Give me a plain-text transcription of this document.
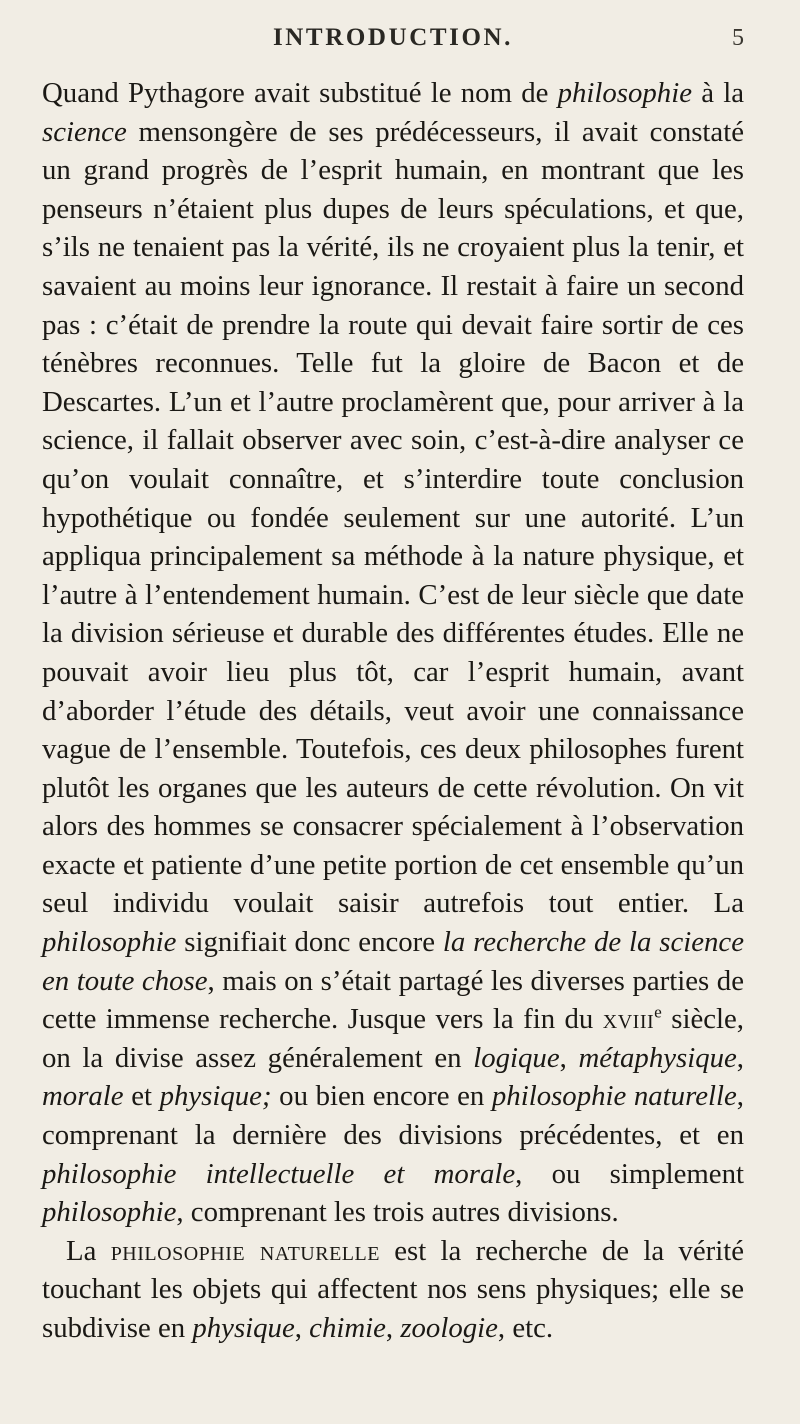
INTRODUCTION.	5

Quand Pythagore avait substitué le nom de philosophie à la science mensongère de ses prédécesseurs, il avait constaté un grand progrès de l’esprit humain, en montrant que les penseurs n’étaient plus dupes de leurs spéculations, et que, s’ils ne tenaient pas la vérité, ils ne croyaient plus la tenir, et savaient au moins leur ignorance. Il restait à faire un second pas : c’était de prendre la route qui devait faire sortir de ces ténèbres reconnues. Telle fut la gloire de Bacon et de Descartes. L’un et l’autre proclamèrent que, pour arriver à la science, il fallait observer avec soin, c’est-à-dire analyser ce qu’on voulait connaître, et s’interdire toute conclusion hypothétique ou fondée seulement sur une autorité. L’un appliqua principalement sa méthode à la nature physique, et l’autre à l’entendement humain. C’est de leur siècle que date la division sérieuse et durable des différentes études. Elle ne pouvait avoir lieu plus tôt, car l’esprit humain, avant d’aborder l’étude des détails, veut avoir une connaissance vague de l’ensemble. Toutefois, ces deux philosophes furent plutôt les organes que les auteurs de cette révolution. On vit alors des hommes se consacrer spécialement à l’observation exacte et patiente d’une petite portion de cet ensemble qu’un seul individu voulait saisir autrefois tout entier. La philosophie signifiait donc encore la recherche de la science en toute chose, mais on s’était partagé les diverses parties de cette immense recherche. Jusque vers la fin du xviii$^e$ siècle, on la divise assez généralement en logique, métaphysique, morale et physique; ou bien encore en philosophie naturelle, comprenant la dernière des divisions précédentes, et en philosophie intellectuelle et morale, ou simplement philosophie, comprenant les trois autres divisions.

La philosophie naturelle est la recherche de la vérité touchant les objets qui affectent nos sens physiques; elle se subdivise en physique, chimie, zoologie, etc.
